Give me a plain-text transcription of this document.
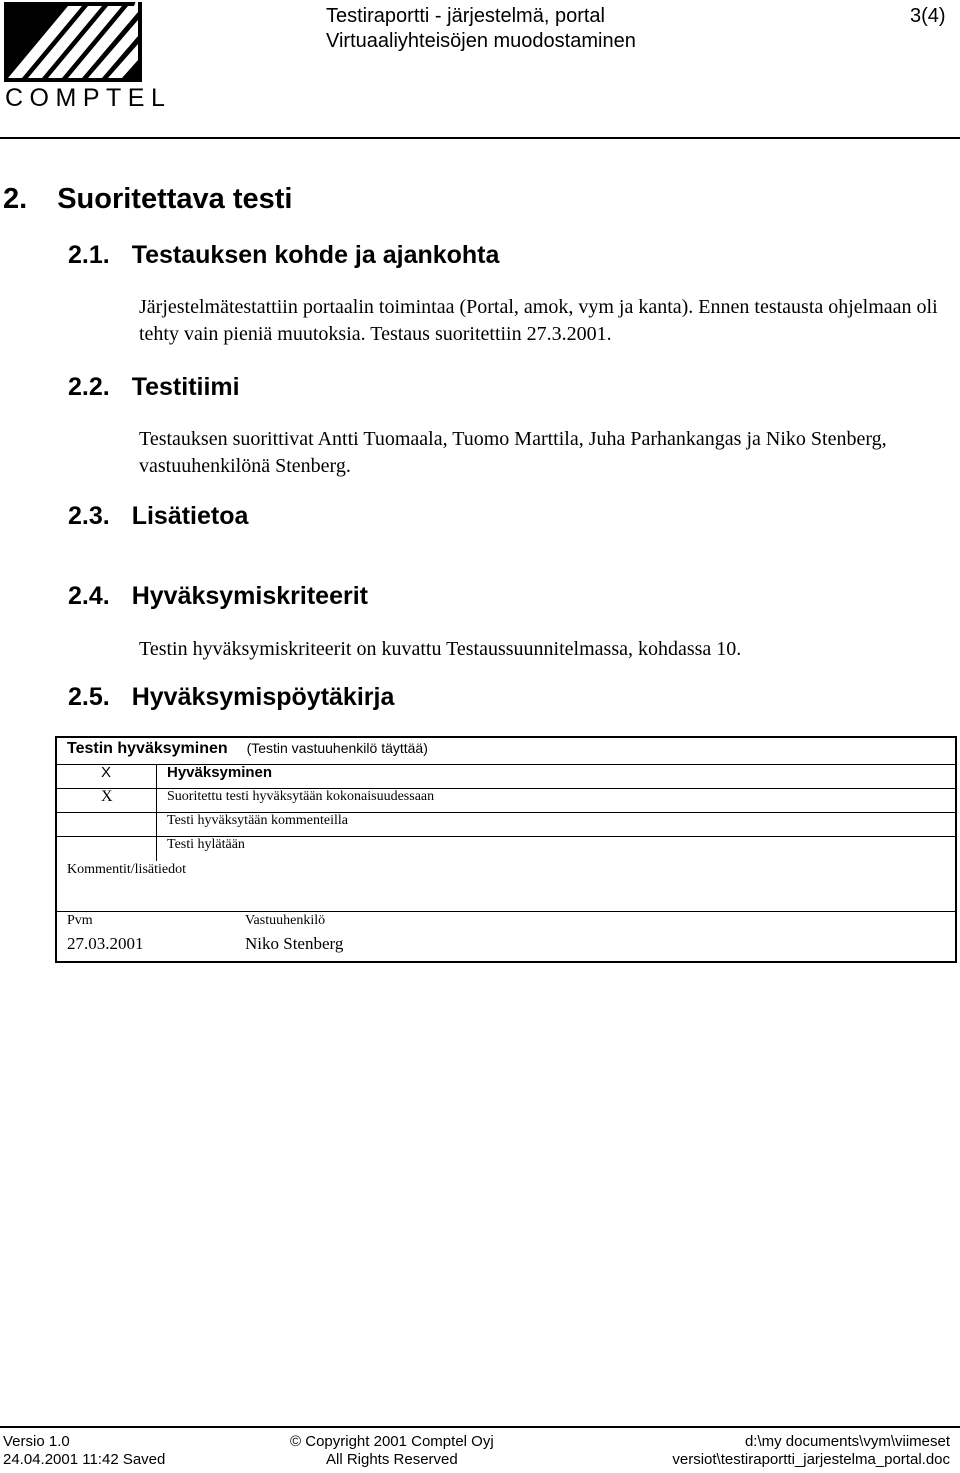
COMPTEL
Testiraportti - järjestelmä, portal
Virtuaaliyhteisöjen muodostaminen
3(4)
2. Suoritettava testi
2.1. Testauksen kohde ja ajankohta
Järjestelmätestattiin portaalin toimintaa (Portal, amok, vym ja kanta). Ennen testausta ohjelmaan oli tehty vain pieniä muutoksia. Testaus suoritettiin 27.3.2001.
2.2. Testitiimi
Testauksen suorittivat Antti Tuomaala, Tuomo Marttila, Juha Parhankangas ja Niko Stenberg, vastuuhenkilönä Stenberg.
2.3. Lisätietoa
2.4. Hyväksymiskriteerit
Testin hyväksymiskriteerit on kuvattu Testaussuunnitelmassa, kohdassa 10.
2.5. Hyväksymispöytäkirja
Testin hyväksyminen (Testin vastuuhenkilö täyttää)
X	Hyväksyminen
X	Suoritettu testi hyväksytään kokonaisuudessaan
Testi hyväksytään kommenteilla
Testi hylätään
Kommentit/lisätiedot
Pvm
27.03.2001
Vastuuhenkilö
Niko Stenberg
Versio 1.0
24.04.2001 11:42 Saved
© Copyright 2001 Comptel Oyj
All Rights Reserved
d:\my documents\vym\viimeset
versiot\testiraportti_jarjestelma_portal.doc
